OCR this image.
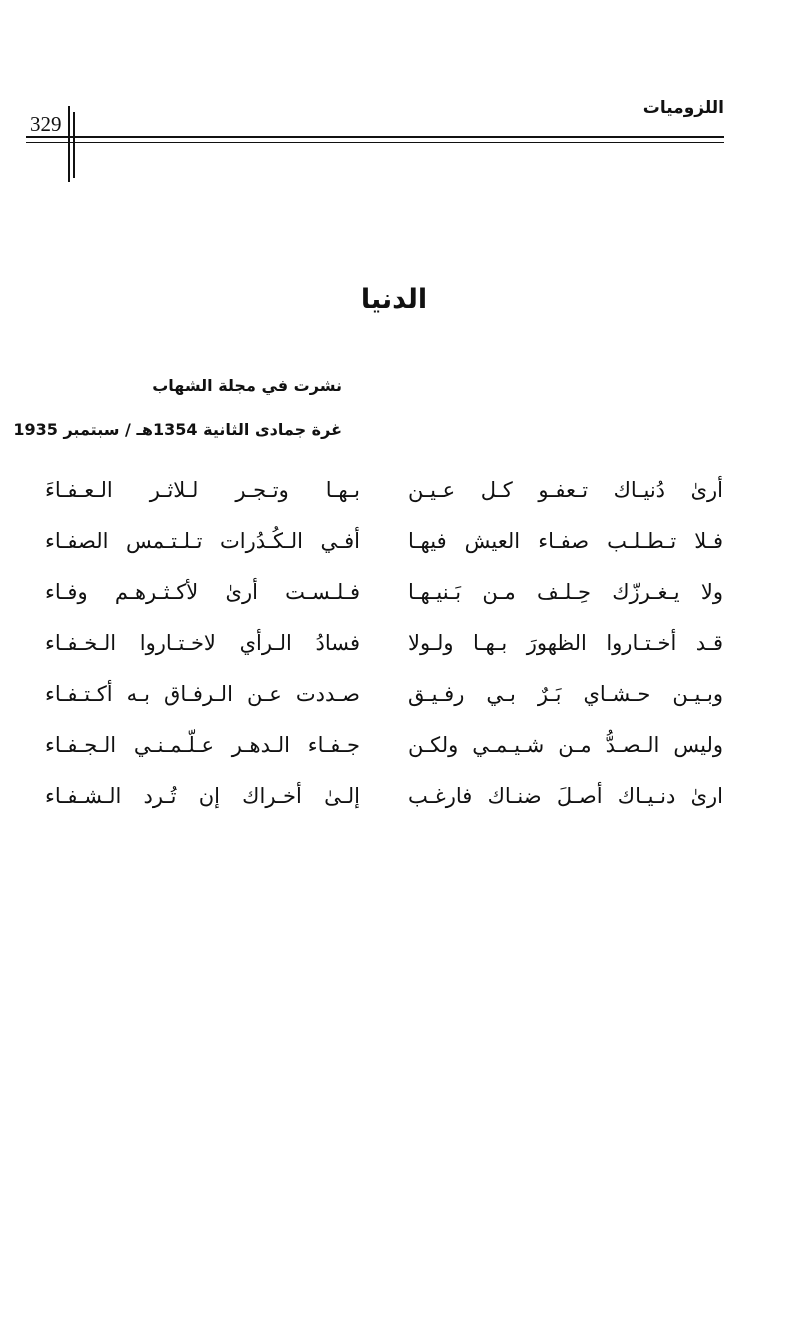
329
اللزوميات
الدنيا
نشرت في مجلة الشهاب
غرة جمادى الثانية 1354هـ / سبتمبر 1935
أرىٰ دُنيـاك تـعفـو كـل عـيـن
بـهـا وتـجـر لـلاثـر الـعـفـاءَ
فـلا تـطـلـب صفـاء العيش فيهـا
أفـي الـكُـدُرات تـلـتـمس الصفـاء
ولا يـغـرزّك حِـلـف مـن بَـنيـهـا
فـلـسـت أرىٰ لأكـثـرهـم وفـاء
قـد أخـتـاروا الظهورَ بـهـا ولـولا
فسادُ الـرأي لاخـتـاروا الـخـفـاء
وبـيـن حـشـاي بَـرٌ بـي رفـيـق
صـددت عـن الـرفـاق بـه أكـتـفـاء
وليس الـصـدُّ مـن شـيـمـي ولكـن
جـفـاء الـدهـر عـلّـمـنـي الـجـفـاء
ارىٰ دنـيـاك أصـلَ ضنـاك فارغـب
إلـىٰ أخـراك إن تُـرد الـشـفـاء
